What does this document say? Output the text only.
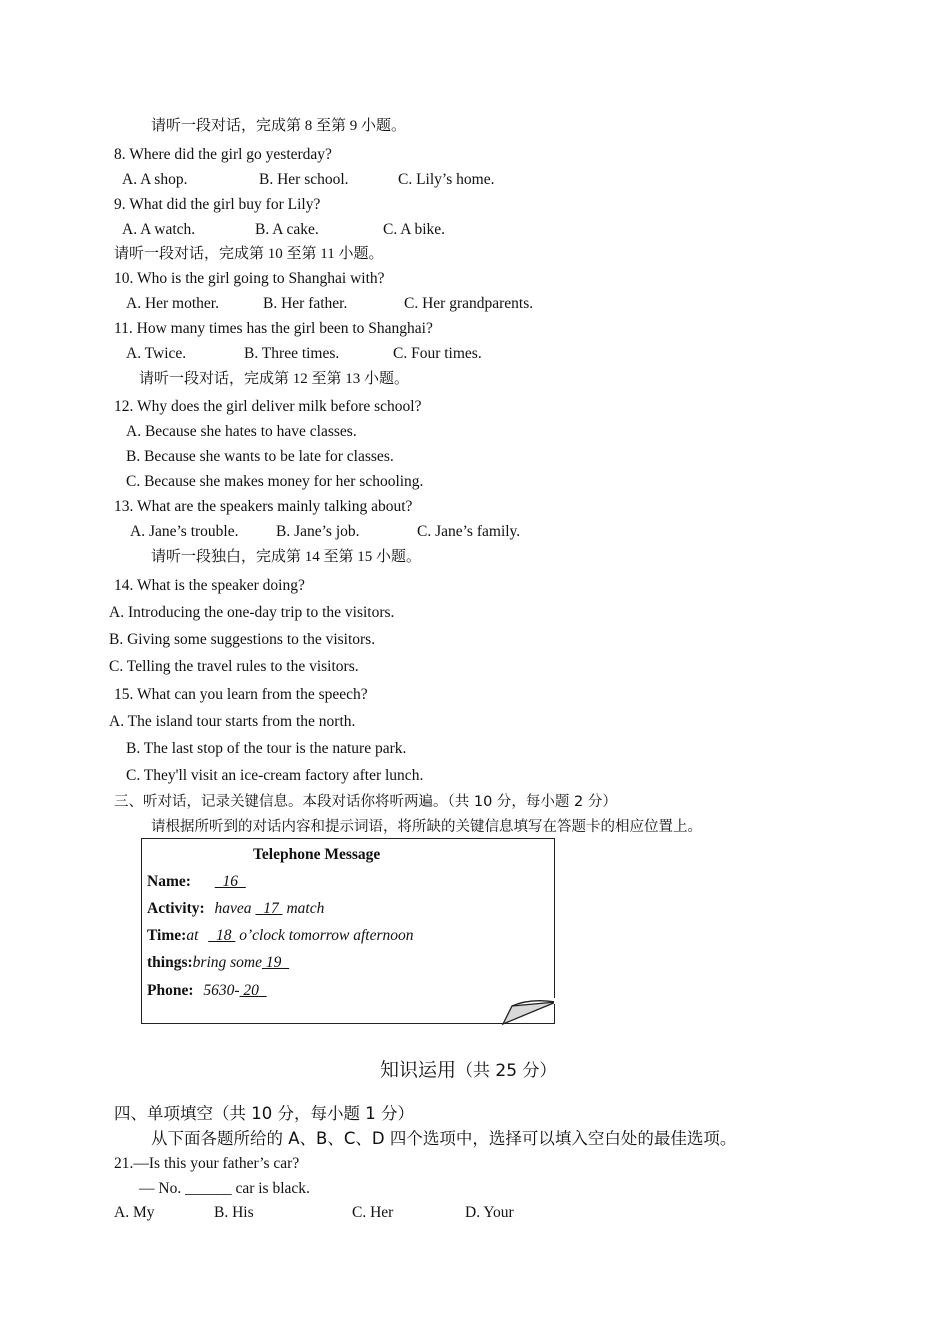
请听一段对话，完成第 8 至第 9 小题。
8. Where did the girl go yesterday?
A. A shop.	B. Her school.	C. Lily’s home.
9. What did the girl buy for Lily?
A. A watch.	B. A cake.	C. A bike.
请听一段对话，完成第 10 至第 11 小题。
10. Who is the girl going to Shanghai with?
A. Her mother.	B. Her father.	C. Her grandparents.
11. How many times has the girl been to Shanghai?
A. Twice.	B. Three times.	C. Four times.
请听一段对话，完成第 12 至第 13 小题。
12. Why does the girl deliver milk before school?
A. Because she hates to have classes.
B. Because she wants to be late for classes.
C. Because she makes money for her schooling.
13. What are the speakers mainly talking about?
A. Jane’s trouble. B. Jane’s job.	C. Jane’s family.
请听一段独白，完成第 14 至第 15 小题。
14. What is the speaker doing?
A. Introducing the one-day trip to the visitors.
B. Giving some suggestions to the visitors.
C. Telling the travel rules to the visitors.
15. What can you learn from the speech?
A. The island tour starts from the north.
B. The last stop of the tour is the nature park.
C. They'll visit an ice-cream factory after lunch.
三、听对话，记录关键信息。本段对话你将听两遍。（共 10 分，每小题 2 分）
请根据所听到的对话内容和提示词语，将所缺的关键信息填写在答题卡的相应位置上。
Telephone Message
Name: 16
Activity: havea 17 match
Time:at 18 o’clock tomorrow afternoon
things:bring some 19
Phone: 5630- 20
知识运用（共 25 分）
四、单项填空（共 10 分，每小题 1 分）
从下面各题所给的 A、B、C、D 四个选项中，选择可以填入空白处的最佳选项。
21.—Is this your father’s car?
— No. ______ car is black.
A. My	B. His	C. Her	D. Your
